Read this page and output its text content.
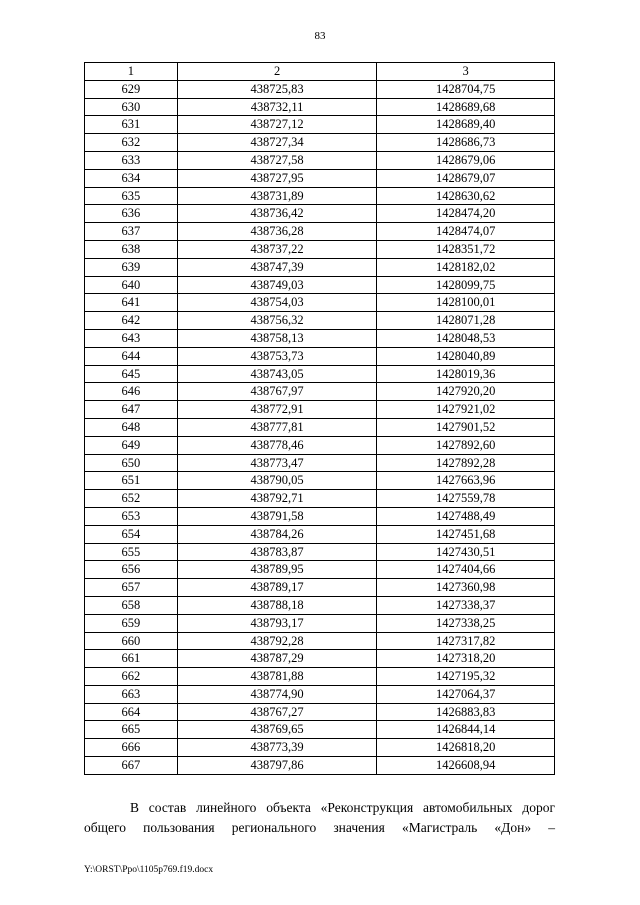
83
1	2	3
629	438725,83	1428704,75
630	438732,11	1428689,68
631	438727,12	1428689,40
632	438727,34	1428686,73
633	438727,58	1428679,06
634	438727,95	1428679,07
635	438731,89	1428630,62
636	438736,42	1428474,20
637	438736,28	1428474,07
638	438737,22	1428351,72
639	438747,39	1428182,02
640	438749,03	1428099,75
641	438754,03	1428100,01
642	438756,32	1428071,28
643	438758,13	1428048,53
644	438753,73	1428040,89
645	438743,05	1428019,36
646	438767,97	1427920,20
647	438772,91	1427921,02
648	438777,81	1427901,52
649	438778,46	1427892,60
650	438773,47	1427892,28
651	438790,05	1427663,96
652	438792,71	1427559,78
653	438791,58	1427488,49
654	438784,26	1427451,68
655	438783,87	1427430,51
656	438789,95	1427404,66
657	438789,17	1427360,98
658	438788,18	1427338,37
659	438793,17	1427338,25
660	438792,28	1427317,82
661	438787,29	1427318,20
662	438781,88	1427195,32
663	438774,90	1427064,37
664	438767,27	1426883,83
665	438769,65	1426844,14
666	438773,39	1426818,20
667	438797,86	1426608,94
В состав линейного объекта «Реконструкция автомобильных дорог
общего пользования регионального значения «Магистраль «Дон» –
Y:\ORST\Ppo\1105p769.f19.docx
